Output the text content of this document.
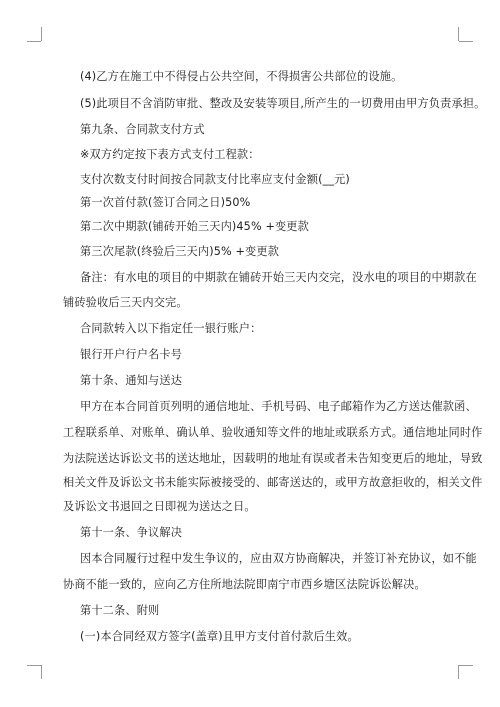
(4)乙方在施工中不得侵占公共空间，不得损害公共部位的设施。
(5)此项目不含消防审批、整改及安装等项目,所产生的一切费用由甲方负责承担。
第九条、合同款支付方式
※双方约定按下表方式支付工程款：
支付次数支付时间按合同款支付比率应支付金额(__元)
第一次首付款(签订合同之日)50%
第二次中期款(铺砖开始三天内)45% +变更款
第三次尾款(终验后三天内)5% +变更款
备注：有水电的项目的中期款在铺砖开始三天内交完，没水电的项目的中期款在
铺砖验收后三天内交完。
合同款转入以下指定任一银行账户：
银行开户行户名卡号
第十条、通知与送达
甲方在本合同首页列明的通信地址、手机号码、电子邮箱作为乙方送达催款函、
工程联系单、对账单、确认单、验收通知等文件的地址或联系方式。通信地址同时作
为法院送达诉讼文书的送达地址，因载明的地址有误或者未告知变更后的地址，导致
相关文件及诉讼文书未能实际被接受的、邮寄送达的，或甲方故意拒收的，相关文件
及诉讼文书退回之日即视为送达之日。
第十一条、争议解决
因本合同履行过程中发生争议的，应由双方协商解决，并签订补充协议，如不能
协商不能一致的，应向乙方住所地法院即南宁市西乡塘区法院诉讼解决。
第十二条、附则
(一)本合同经双方签字(盖章)且甲方支付首付款后生效。
